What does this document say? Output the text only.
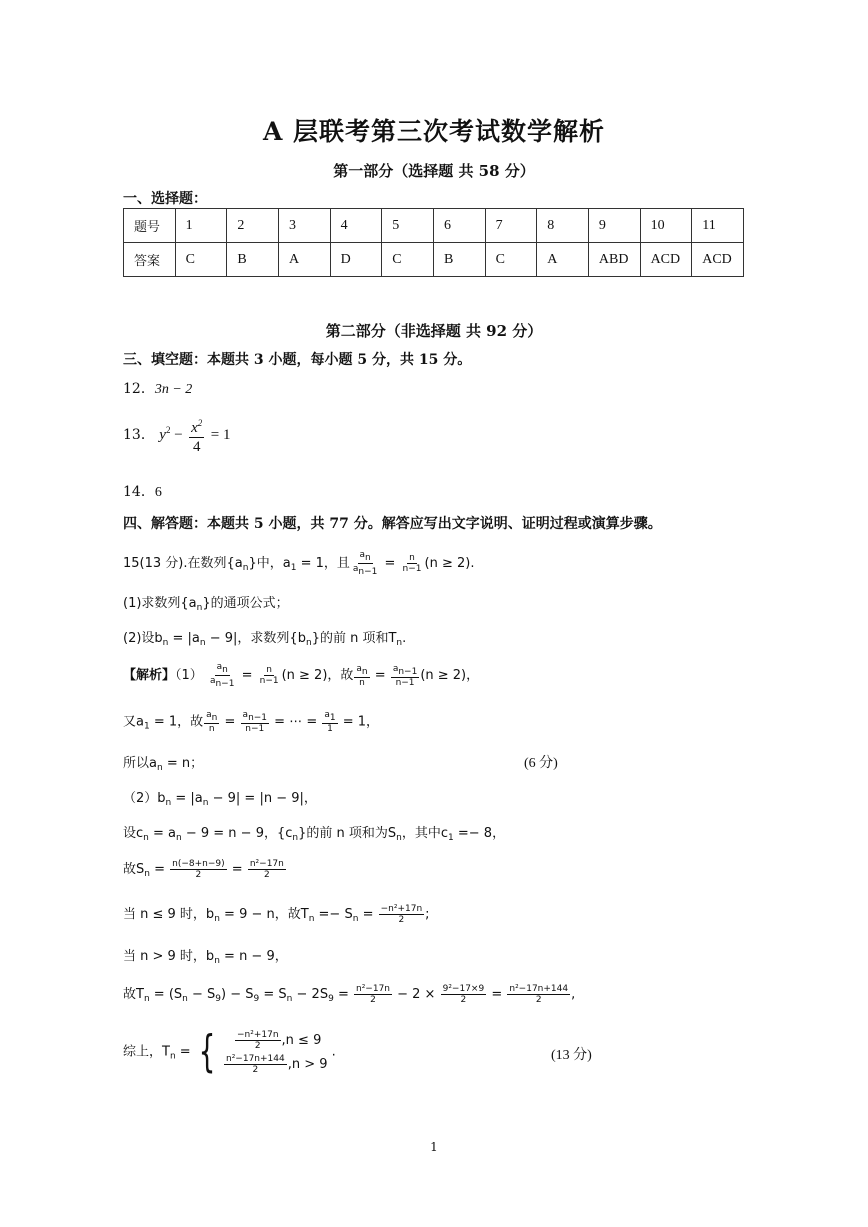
A 层联考第三次考试数学解析
第一部分（选择题 共 58 分）
一、选择题：
题号	1	2	3	4	5	6	7	8	9	10	11
答案	C	B	A	D	C	B	C	A	ABD	ACD	ACD
第二部分（非选择题 共 92 分）
三、填空题：本题共 3 小题，每小题 5 分，共 15 分。
12．3n − 2
13． $y^2 - \frac{x^2}{4} = 1$
14．6
四、解答题：本题共 5 小题，共 77 分。解答应写出文字说明、证明过程或演算步骤。
15(13 分).在数列$\{a_n\}$中，$a_1 = 1$，且 $\frac{a_n}{a_{n-1}} = \frac{n}{n-1} (n \ge 2)$.
(1)求数列$\{a_n\}$的通项公式；
(2)设$b_n = |a_n - 9|$，求数列$\{b_n\}$的前 n 项和$T_n$.
【解析】$(1) \frac{a_n}{a_{n-1}} = \frac{n}{n-1} (n \ge 2)$，故 $\frac{a_n}{n} = \frac{a_{n-1}}{n-1} (n \ge 2)$，
又$a_1 = 1$，故 $\frac{a_n}{n} = \frac{a_{n-1}}{n-1}$ = ⋯ = $\frac{a_1}{1} = 1$，
所以$a_n = n$；	(6 分)
$(2)b_n = |a_n - 9| = |n - 9|$，
设$c_n = a_n - 9 = n - 9$，$\{c_n\}$的前 n 项和为$S_n$，其中$c_1 =- 8$，
故$S_n = \frac{n(-8+n-9)}{2} = \frac{\text{n²−17n}}{2}$
当 n ≤ 9 时，$b_n = 9 - n$，故$T_n =- S_n = \frac{\text{−n²+17n}}{2}$ ;
当 n > 9 时，$b_n = n - 9$，
故$T_n = (S_n - S_9) - S_9 = S_n - 2S_9 = \frac{\text{n²−17n}}{2} - 2 \times \frac{\text{9²−17×9}}{2} = \frac{\text{n²−17n+144}}{2}$ ,
综上，$T_n$ = { $\frac{\text{−n²+17n}}{2} ,n \le 9$
$\frac{\text{n²−17n+144}}{2} ,n > 9$
.	(13 分)
1
